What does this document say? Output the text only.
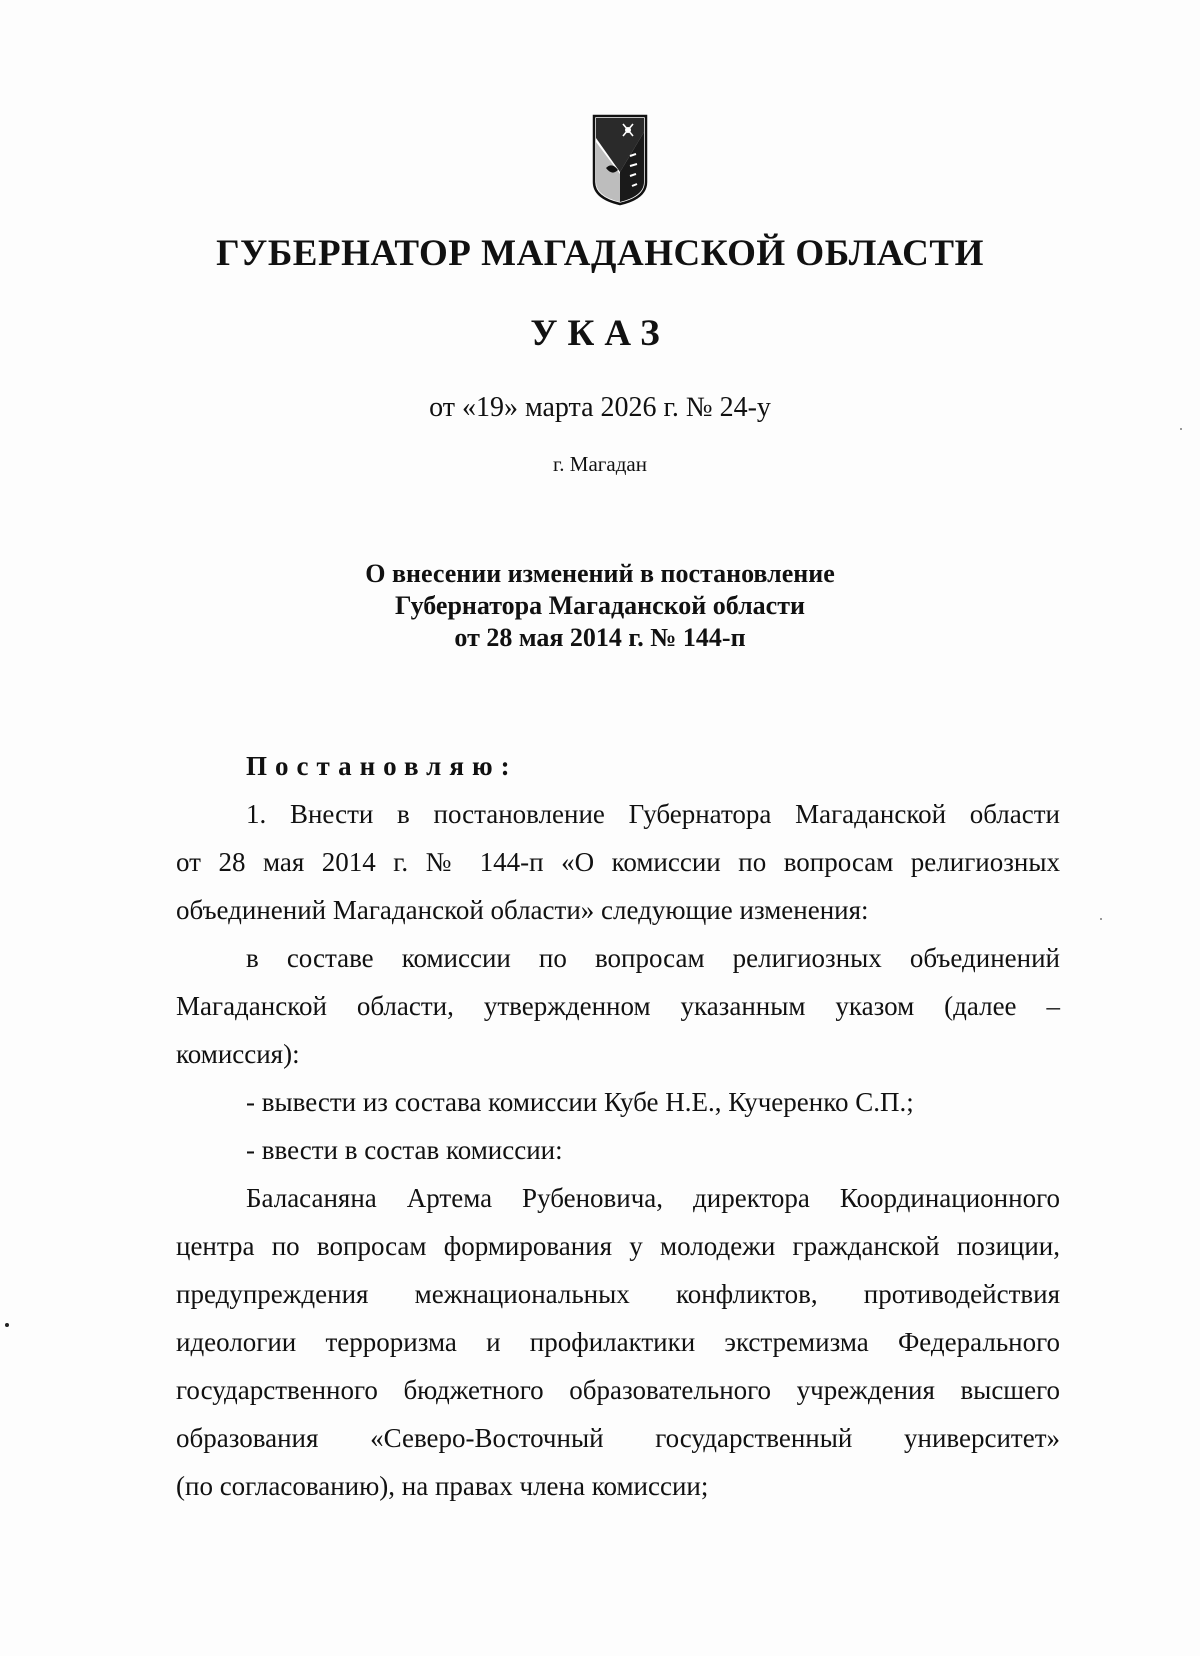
ГУБЕРНАТОР МАГАДАНСКОЙ ОБЛАСТИ
УКАЗ
от «19» марта 2026 г. № 24-у
г. Магадан
О внесении изменений в постановление
Губернатора Магаданской области
от 28 мая 2014 г. № 144-п
Постановляю:
1. Внести в постановление Губернатора Магаданской области
от 28 мая 2014 г. № 144-п «О комиссии по вопросам религиозных
объединений Магаданской области» следующие изменения:
в составе комиссии по вопросам религиозных объединений
Магаданской области, утвержденном указанным указом (далее –
комиссия):
- вывести из состава комиссии Кубе Н.Е., Кучеренко С.П.;
- ввести в состав комиссии:
Баласаняна Артема Рубеновича, директора Координационного
центра по вопросам формирования у молодежи гражданской позиции,
предупреждения межнациональных конфликтов, противодействия
идеологии терроризма и профилактики экстремизма Федерального
государственного бюджетного образовательного учреждения высшего
образования «Северо-Восточный государственный университет»
(по согласованию), на правах члена комиссии;
